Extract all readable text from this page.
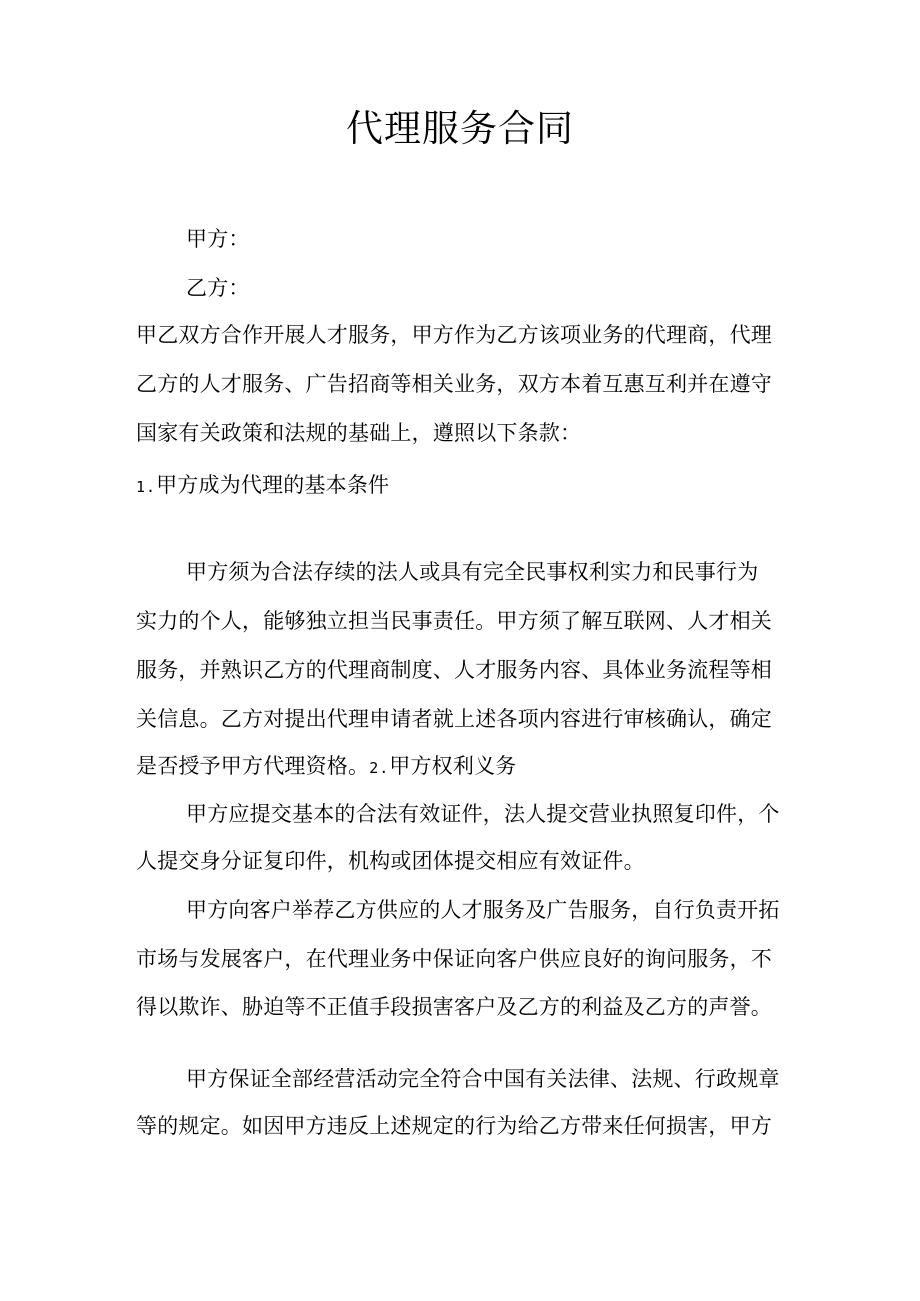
代理服务合同
甲方：
乙方：
甲乙双方合作开展人才服务，甲方作为乙方该项业务的代理商，代理
乙方的人才服务、广告招商等相关业务，双方本着互惠互利并在遵守
国家有关政策和法规的基础上，遵照以下条款：
1.甲方成为代理的基本条件
甲方须为合法存续的法人或具有完全民事权利实力和民事行为
实力的个人，能够独立担当民事责任。甲方须了解互联网、人才相关
服务，并熟识乙方的代理商制度、人才服务内容、具体业务流程等相
关信息。乙方对提出代理申请者就上述各项内容进行审核确认，确定
是否授予甲方代理资格。2.甲方权利义务
甲方应提交基本的合法有效证件，法人提交营业执照复印件，个
人提交身分证复印件，机构或团体提交相应有效证件。
甲方向客户举荐乙方供应的人才服务及广告服务，自行负责开拓
市场与发展客户，在代理业务中保证向客户供应良好的询问服务，不
得以欺诈、胁迫等不正值手段损害客户及乙方的利益及乙方的声誉。
甲方保证全部经营活动完全符合中国有关法律、法规、行政规章
等的规定。如因甲方违反上述规定的行为给乙方带来任何损害，甲方
